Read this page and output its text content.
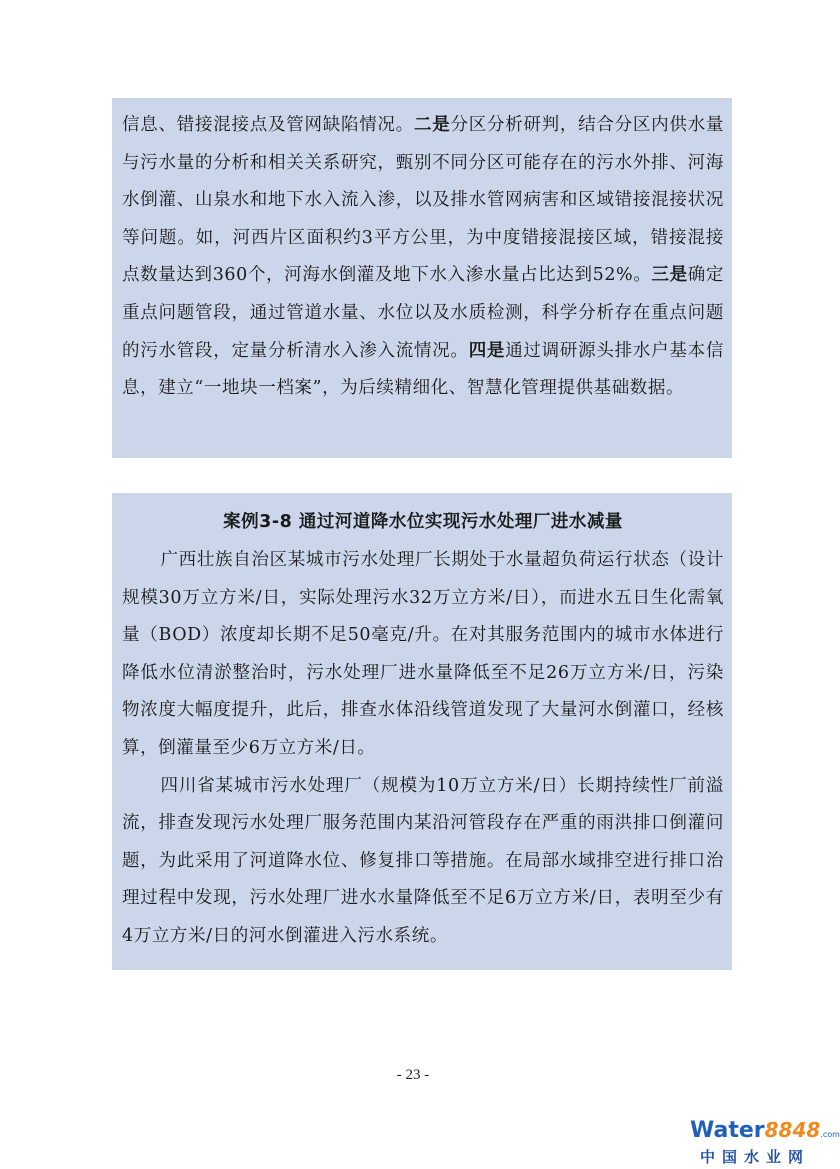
信息、错接混接点及管网缺陷情况。二是分区分析研判，结合分区内供水量与污水量的分析和相关关系研究，甄别不同分区可能存在的污水外排、河海水倒灌、山泉水和地下水入流入渗，以及排水管网病害和区域错接混接状况等问题。如，河西片区面积约3平方公里，为中度错接混接区域，错接混接点数量达到360个，河海水倒灌及地下水入渗水量占比达到52%。三是确定重点问题管段，通过管道水量、水位以及水质检测，科学分析存在重点问题的污水管段，定量分析清水入渗入流情况。四是通过调研源头排水户基本信息，建立“一地块一档案”，为后续精细化、智慧化管理提供基础数据。

案例3-8 通过河道降水位实现污水处理厂进水减量

广西壮族自治区某城市污水处理厂长期处于水量超负荷运行状态（设计规模30万立方米/日，实际处理污水32万立方米/日），而进水五日生化需氧量（BOD）浓度却长期不足50毫克/升。在对其服务范围内的城市水体进行降低水位清淤整治时，污水处理厂进水量降低至不足26万立方米/日，污染物浓度大幅度提升，此后，排查水体沿线管道发现了大量河水倒灌口，经核算，倒灌量至少6万立方米/日。

四川省某城市污水处理厂（规模为10万立方米/日）长期持续性厂前溢流，排查发现污水处理厂服务范围内某沿河管段存在严重的雨洪排口倒灌问题，为此采用了河道降水位、修复排口等措施。在局部水域排空进行排口治理过程中发现，污水处理厂进水水量降低至不足6万立方米/日，表明至少有4万立方米/日的河水倒灌进入污水系统。

- 23 -
Water8848.com
中国水业网
